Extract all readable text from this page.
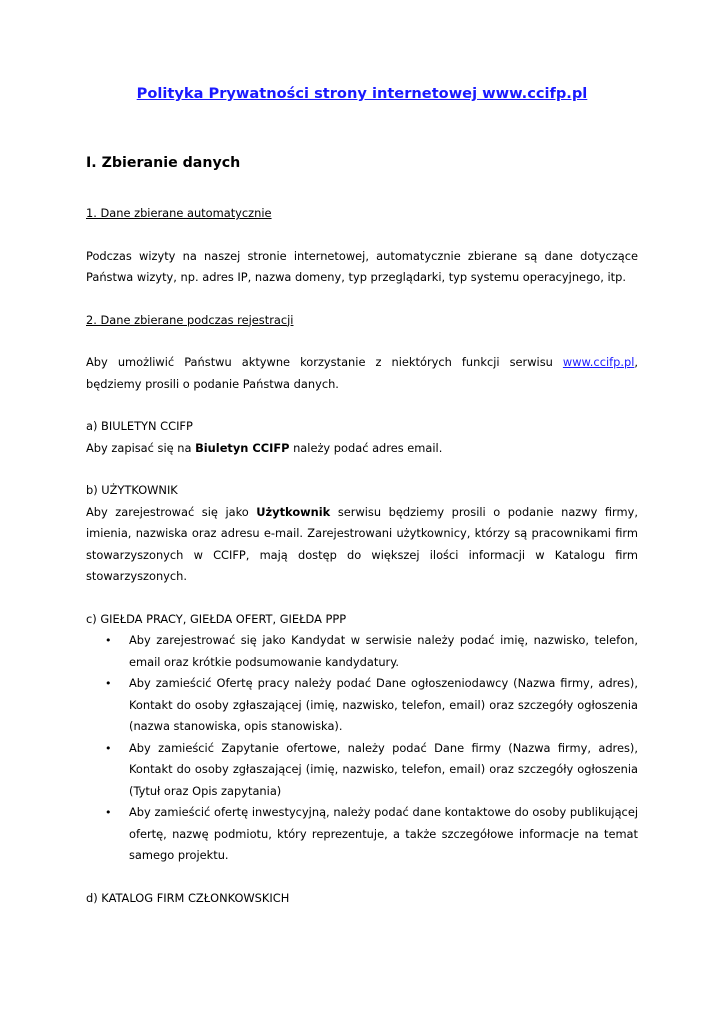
Polityka Prywatności strony internetowej www.ccifp.pl

I. Zbieranie danych
1. Dane zbierane automatycznie

Podczas wizyty na naszej stronie internetowej, automatycznie zbierane są dane dotyczące Państwa wizyty, np. adres IP, nazwa domeny, typ przeglądarki, typ systemu operacyjnego, itp.

2. Dane zbierane podczas rejestracji

Aby umożliwić Państwu aktywne korzystanie z niektórych funkcji serwisu www.ccifp.pl, będziemy prosili o podanie Państwa danych.

a) BIULETYN CCIFP

Aby zapisać się na Biuletyn CCIFP należy podać adres email.

b) UŻYTKOWNIK

Aby zarejestrować się jako Użytkownik serwisu będziemy prosili o podanie nazwy firmy, imienia, nazwiska oraz adresu e-mail. Zarejestrowani użytkownicy, którzy są pracownikami firm stowarzyszonych w CCIFP, mają dostęp do większej ilości informacji w Katalogu firm stowarzyszonych.

c) GIEŁDA PRACY, GIEŁDA OFERT, GIEŁDA PPP
• Aby zarejestrować się jako Kandydat w serwisie należy podać imię, nazwisko, telefon, email oraz krótkie podsumowanie kandydatury.
• Aby zamieścić Ofertę pracy należy podać Dane ogłoszeniodawcy (Nazwa firmy, adres), Kontakt do osoby zgłaszającej (imię, nazwisko, telefon, email) oraz szczegóły ogłoszenia (nazwa stanowiska, opis stanowiska).
• Aby zamieścić Zapytanie ofertowe, należy podać Dane firmy (Nazwa firmy, adres), Kontakt do osoby zgłaszającej (imię, nazwisko, telefon, email) oraz szczegóły ogłoszenia (Tytuł oraz Opis zapytania)
• Aby zamieścić ofertę inwestycyjną, należy podać dane kontaktowe do osoby publikującej ofertę, nazwę podmiotu, który reprezentuje, a także szczegółowe informacje na temat samego projektu.
d) KATALOG FIRM CZŁONKOWSKICH
